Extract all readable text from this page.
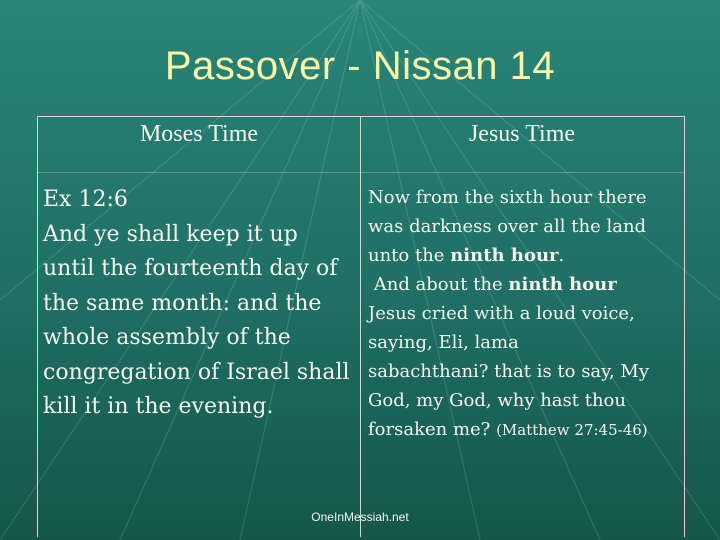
Passover - Nissan 14
Moses Time	Jesus Time
Ex 12:6
And ye shall keep it up
until the fourteenth day of
the same month: and the
whole assembly of the
congregation of Israel shall
kill it in the evening.
Now from the sixth hour there
was darkness over all the land
unto the ninth hour.
And about the ninth hour
Jesus cried with a loud voice,
saying, Eli, lama
sabachthani? that is to say, My
God, my God, why hast thou
forsaken me? (Matthew 27:45-46)
OneInMessiah.net
